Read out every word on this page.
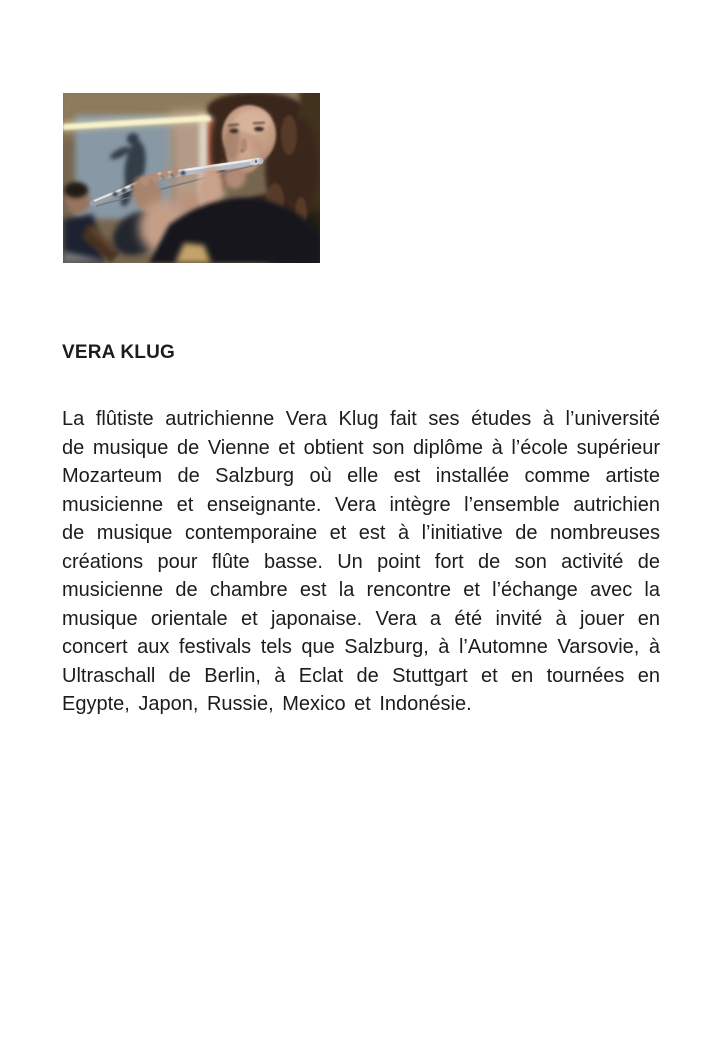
VERA KLUG

La flûtiste autrichienne Vera Klug fait ses études à l’université de musique de Vienne et obtient son diplôme à l’école supérieur Mozarteum de Salzburg où elle est installée comme artiste musicienne et enseignante. Vera intègre l’ensemble autrichien de musique contemporaine et est à l’initiative de nombreuses créations pour flûte basse. Un point fort de son activité de musicienne de chambre est la rencontre et l’échange avec la musique orientale et japonaise. Vera a été invité à jouer en concert aux festivals tels que Salzburg, à l’Automne Varsovie, à Ultraschall de Berlin, à Eclat de Stuttgart et en tournées en Egypte, Japon, Russie, Mexico et Indonésie.
